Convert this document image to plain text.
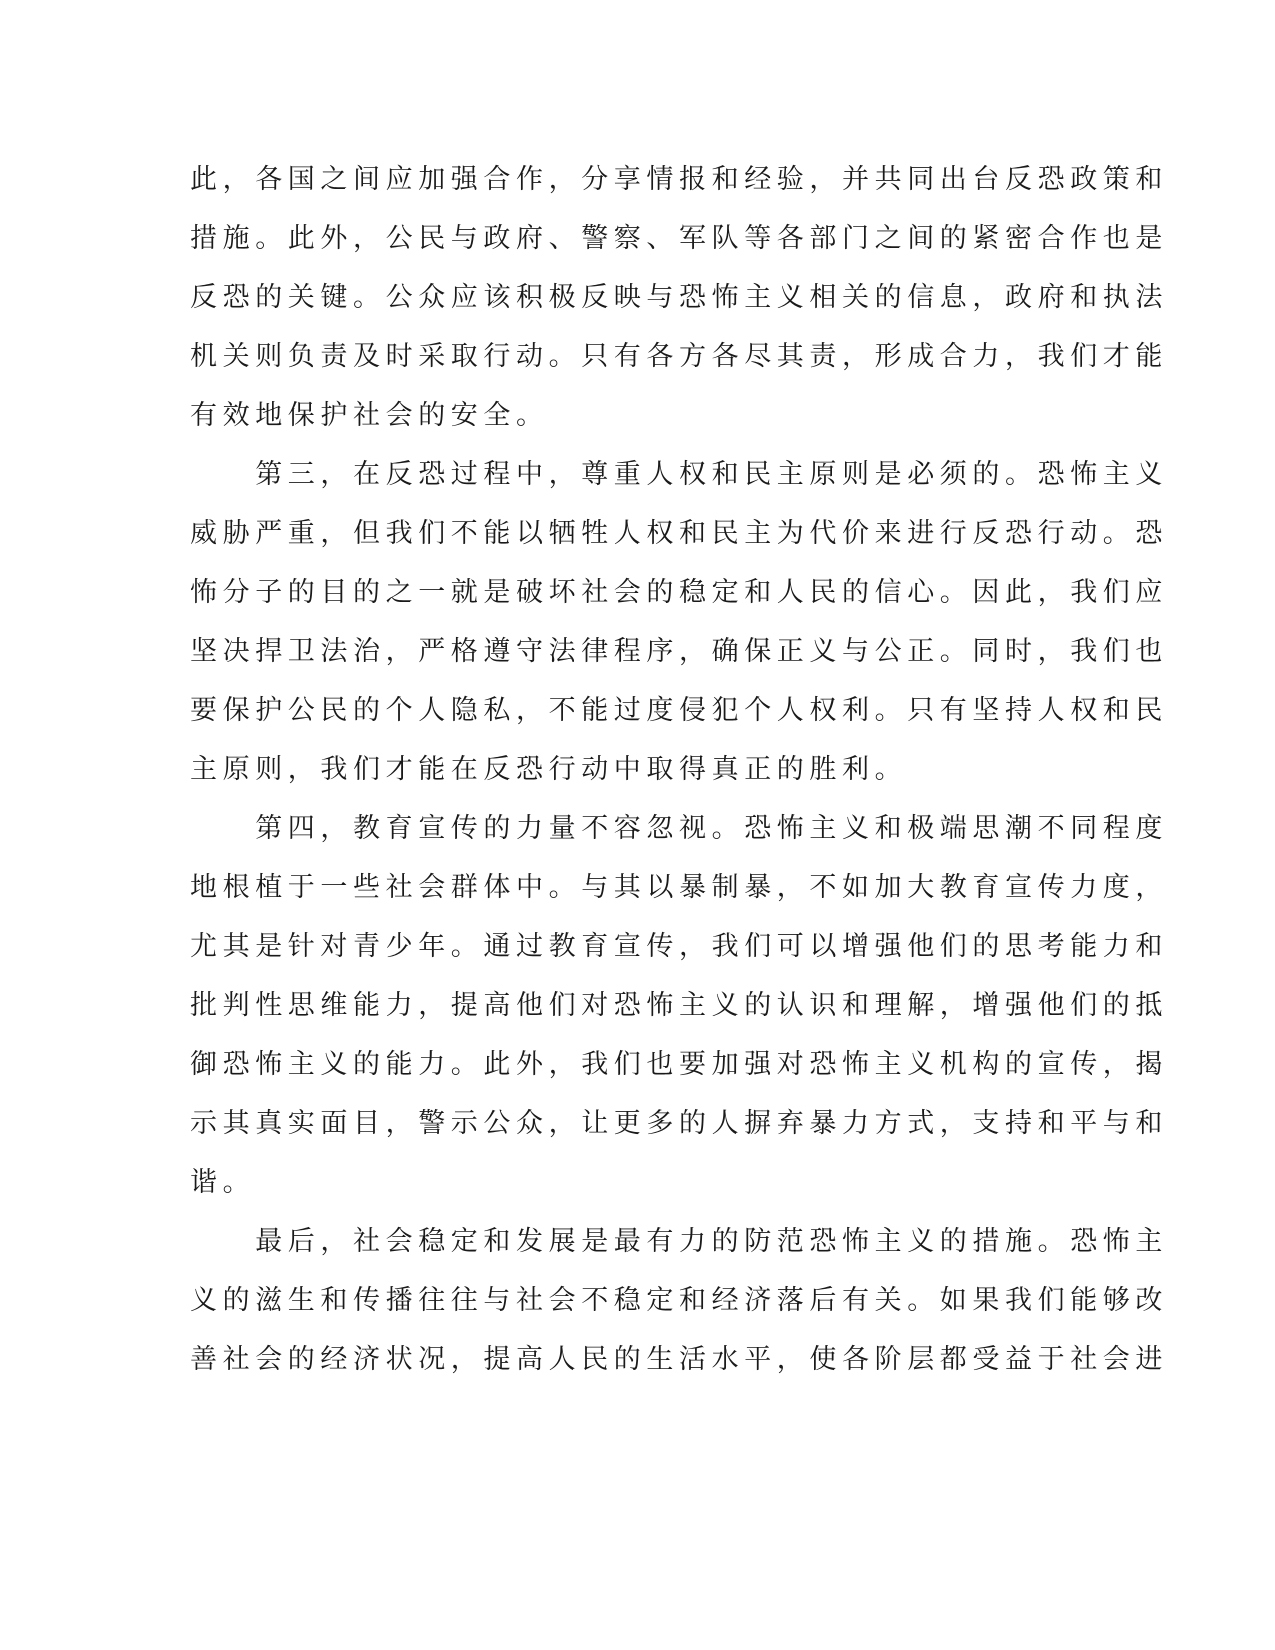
此，各国之间应加强合作，分享情报和经验，并共同出台反恐政策和

措施。此外，公民与政府、警察、军队等各部门之间的紧密合作也是

反恐的关键。公众应该积极反映与恐怖主义相关的信息，政府和执法

机关则负责及时采取行动。只有各方各尽其责，形成合力，我们才能

有效地保护社会的安全。

　　第三，在反恐过程中，尊重人权和民主原则是必须的。恐怖主义

威胁严重，但我们不能以牺牲人权和民主为代价来进行反恐行动。恐

怖分子的目的之一就是破坏社会的稳定和人民的信心。因此，我们应

坚决捍卫法治，严格遵守法律程序，确保正义与公正。同时，我们也

要保护公民的个人隐私，不能过度侵犯个人权利。只有坚持人权和民

主原则，我们才能在反恐行动中取得真正的胜利。

　　第四，教育宣传的力量不容忽视。恐怖主义和极端思潮不同程度

地根植于一些社会群体中。与其以暴制暴，不如加大教育宣传力度，

尤其是针对青少年。通过教育宣传，我们可以增强他们的思考能力和

批判性思维能力，提高他们对恐怖主义的认识和理解，增强他们的抵

御恐怖主义的能力。此外，我们也要加强对恐怖主义机构的宣传，揭

示其真实面目，警示公众，让更多的人摒弃暴力方式，支持和平与和

谐。

　　最后，社会稳定和发展是最有力的防范恐怖主义的措施。恐怖主

义的滋生和传播往往与社会不稳定和经济落后有关。如果我们能够改

善社会的经济状况，提高人民的生活水平，使各阶层都受益于社会进
